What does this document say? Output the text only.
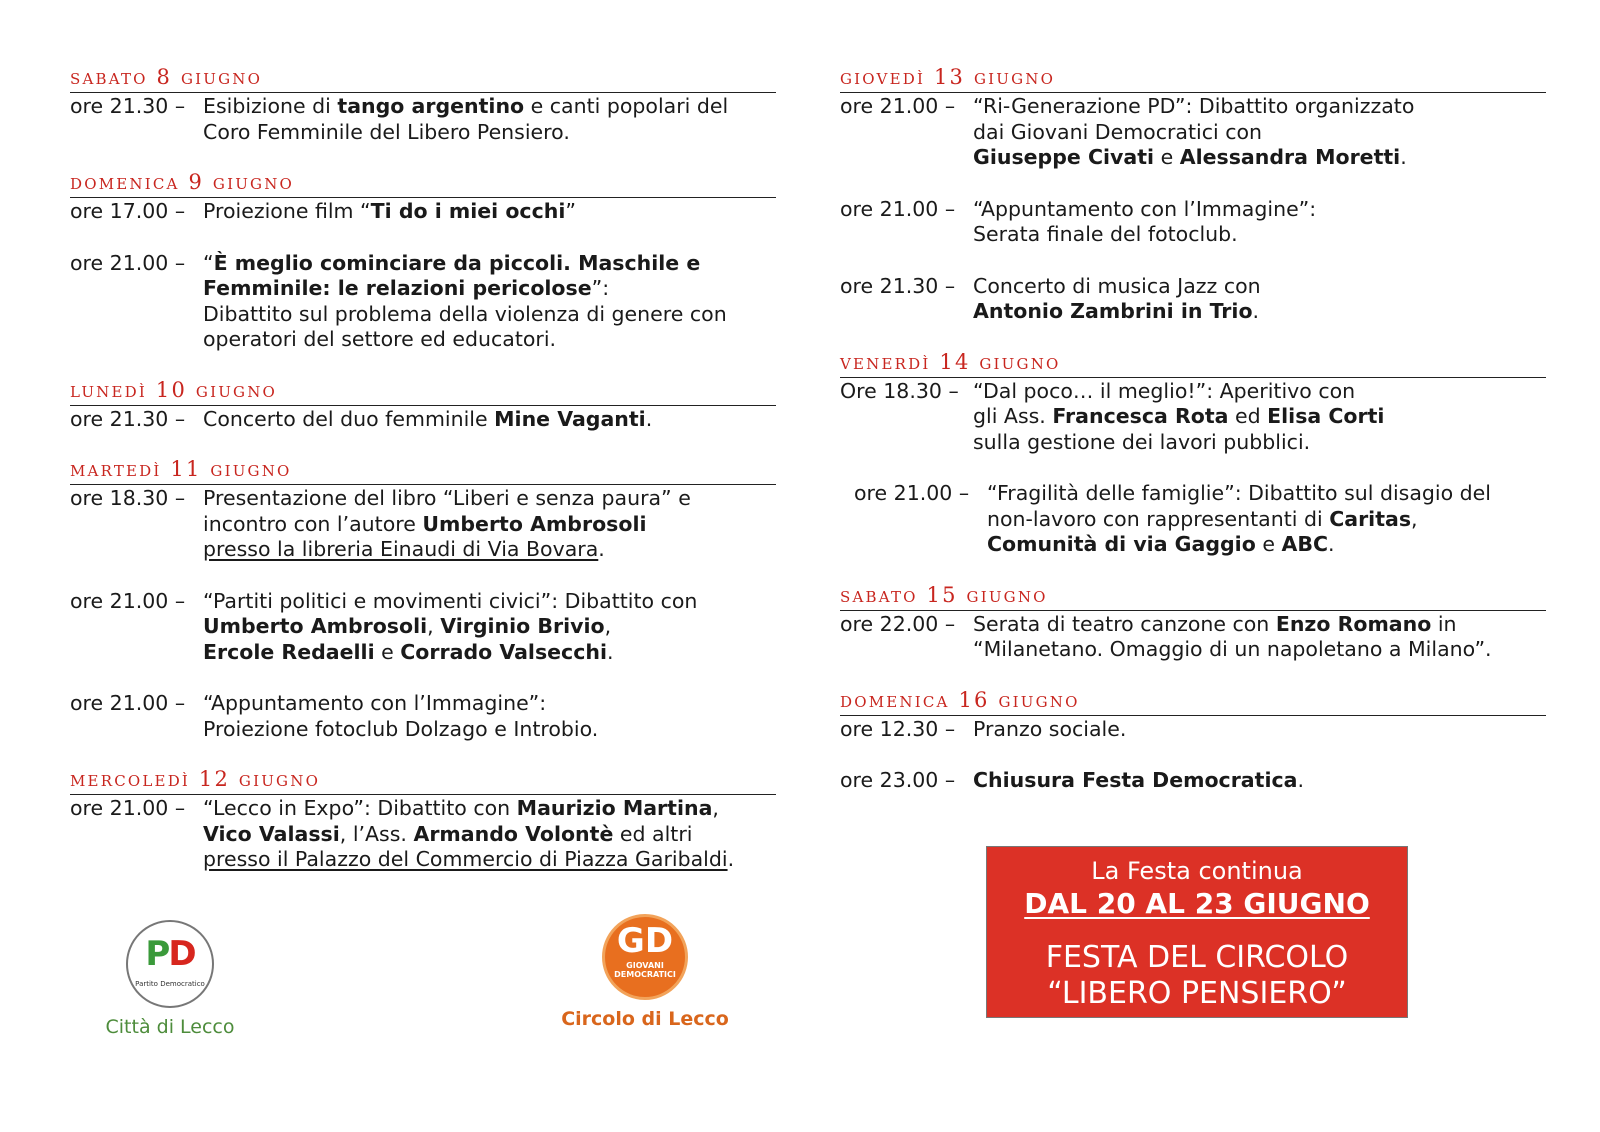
sabato 8 giugno
ore 21.30 – Esibizione di tango argentino e canti popolari del
Coro Femminile del Libero Pensiero.
domenica 9 giugno
ore 17.00 – Proiezione film “Ti do i miei occhi”
ore 21.00 – “È meglio cominciare da piccoli. Maschile e
Femminile: le relazioni pericolose”:
Dibattito sul problema della violenza di genere con
operatori del settore ed educatori.
lunedì 10 giugno
ore 21.30 – Concerto del duo femminile Mine Vaganti.
martedì 11 giugno
ore 18.30 – Presentazione del libro “Liberi e senza paura” e
incontro con l’autore Umberto Ambrosoli
presso la libreria Einaudi di Via Bovara.
ore 21.00 – “Partiti politici e movimenti civici”: Dibattito con
Umberto Ambrosoli, Virginio Brivio,
Ercole Redaelli e Corrado Valsecchi.
ore 21.00 – “Appuntamento con l’Immagine”:
Proiezione fotoclub Dolzago e Introbio.
mercoledì 12 giugno
ore 21.00 – “Lecco in Expo”: Dibattito con Maurizio Martina,
Vico Valassi, l’Ass. Armando Volontè ed altri
presso il Palazzo del Commercio di Piazza Garibaldi.
giovedì 13 giugno
ore 21.00 – “Ri-Generazione PD”: Dibattito organizzato
dai Giovani Democratici con
Giuseppe Civati e Alessandra Moretti.
ore 21.00 – “Appuntamento con l’Immagine”:
Serata finale del fotoclub.
ore 21.30 – Concerto di musica Jazz con
Antonio Zambrini in Trio.
venerdì 14 giugno
Ore 18.30 – “Dal poco… il meglio!”: Aperitivo con
gli Ass. Francesca Rota ed Elisa Corti
sulla gestione dei lavori pubblici.
ore 21.00 – “Fragilità delle famiglie”: Dibattito sul disagio del
non-lavoro con rappresentanti di Caritas,
Comunità di via Gaggio e ABC.
sabato 15 giugno
ore 22.00 – Serata di teatro canzone con Enzo Romano in
“Milanetano. Omaggio di un napoletano a Milano”.
domenica 16 giugno
ore 12.30 – Pranzo sociale.
ore 23.00 – Chiusura Festa Democratica.
PD
Partito Democratico
Città di Lecco
GD
GIOVANI DEMOCRATICI
Circolo di Lecco
La Festa continua
DAL 20 AL 23 GIUGNO
FESTA DEL CIRCOLO
“LIBERO PENSIERO”
